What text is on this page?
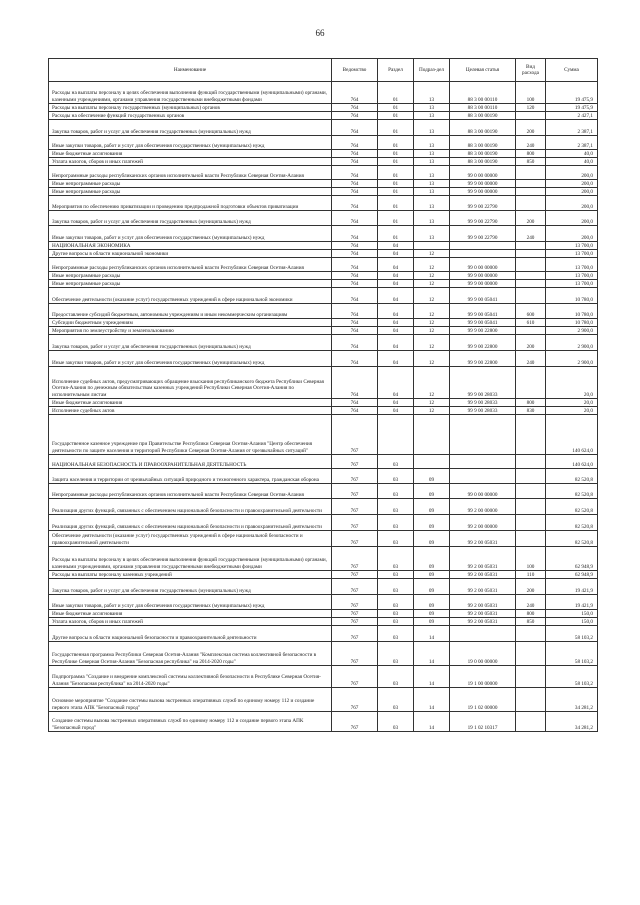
66
Наименование	Ведомство	Раздел	Подраз-дел	Целевая статья	Вид расхода	Сумма
Расходы на выплаты персоналу в целях обеспечения выполнения функций государственными (муниципальными) органами, казенными учреждениями, органами управления государственными внебюджетными фондами	764	01	13	88 3 00 00110	100	19 475,9
Расходы на выплаты персоналу государственных (муниципальных) органов	764	01	13	88 3 00 00110	120	19 475,9
Расходы на обеспечение функций государственных органов	764	01	13	88 3 00 00190		2 427,1
Закупка товаров, работ и услуг для обеспечения государственных (муниципальных) нужд	764	01	13	88 3 00 00190	200	2 387,1
Иные закупки товаров, работ и услуг для обеспечения государственных (муниципальных) нужд	764	01	13	88 3 00 00190	240	2 387,1
Иные бюджетные ассигнования	764	01	13	88 3 00 00190	800	40,0
Уплата налогов, сборов и иных платежей	764	01	13	88 3 00 00190	850	40,0
Непрограммные расходы республиканских органов исполнительной власти Республики Северная Осетия-Алания	764	01	13	99 0 00 00000		200,0
Иные непрограммные расходы	764	01	13	99 9 00 00000		200,0
Иные непрограммные расходы	764	01	13	99 9 00 00000		200,0
Мероприятия по обеспечению приватизации и проведению предпродажной подготовки объектов приватизации	764	01	13	99 9 00 22790		200,0
Закупка товаров, работ и услуг для обеспечения государственных (муниципальных) нужд	764	01	13	99 9 00 22790	200	200,0
Иные закупки товаров, работ и услуг для обеспечения государственных (муниципальных) нужд	764	01	13	99 9 00 22790	240	200,0
НАЦИОНАЛЬНАЯ ЭКОНОМИКА	764	04				13 700,0
Другие вопросы в области национальной экономики	764	04	12			13 700,0
Непрограммные расходы республиканских органов исполнительной власти Республики Северная Осетия-Алания	764	04	12	99 0 00 00000		13 700,0
Иные непрограммные расходы	764	04	12	99 9 00 00000		13 700,0
Иные непрограммные расходы	764	04	12	99 9 00 00000		13 700,0
Обеспечение деятельности (оказание услуг) государственных учреждений в сфере национальной экономики	764	04	12	99 9 00 05041		10 780,0
Предоставление субсидий бюджетным, автономным учреждениям и иным некоммерческим организациям	764	04	12	99 9 00 05041	600	10 780,0
Субсидии бюджетным учреждениям	764	04	12	99 9 00 05041	610	10 780,0
Мероприятия по землеустройству и землепользованию	764	04	12	99 9 00 22800		2 900,0
Закупка товаров, работ и услуг для обеспечения государственных (муниципальных) нужд	764	04	12	99 9 00 22800	200	2 900,0
Иные закупки товаров, работ и услуг для обеспечения государственных (муниципальных) нужд	764	04	12	99 9 00 22800	240	2 900,0
Исполнение судебных актов, предусматривающих обращение взыскания республиканского бюджета Республики Северная Осетия-Алания по денежным обязательствам казенных учреждений Республики Северная Осетия-Алания по исполнительным листам	764	04	12	99 9 00 28033		20,0
Иные бюджетные ассигнования	764	04	12	99 9 00 28033	800	20,0
Исполнение судебных актов	764	04	12	99 9 00 28033	830	20,0
Государственное казенное учреждение при Правительстве Республики Северная Осетия-Алания "Центр обеспечения деятельности по защите населения и территорий Республики Северная Осетия-Алания от чрезвычайных ситуаций"	767					140 624,0
НАЦИОНАЛЬНАЯ БЕЗОПАСНОСТЬ И ПРАВООХРАНИТЕЛЬНАЯ ДЕЯТЕЛЬНОСТЬ	767	03				140 624,0
Защита населения и территории от чрезвычайных ситуаций природного и техногенного характера, гражданская оборона	767	03	09			82 520,8
Непрограммные расходы республиканских органов исполнительной власти Республики Северная Осетия-Алания	767	03	09	99 0 00 00000		82 520,8
Реализация других функций, связанных с обеспечением национальной безопасности и правоохранительной деятельности	767	03	09	99 2 00 00000		82 520,8
Реализация других функций, связанных с обеспечением национальной безопасности и правоохранительной деятельности	767	03	09	99 2 00 00000		82 520,8
Обеспечение деятельности (оказание услуг) государственных учреждений в сфере национальной безопасности и правоохранительной деятельности	767	03	09	99 2 00 05031		82 520,8
Расходы на выплаты персоналу в целях обеспечения выполнения функций государственными (муниципальными) органами, казенными учреждениями, органами управления государственными внебюджетными фондами	767	03	09	99 2 00 05031	100	62 948,9
Расходы на выплаты персоналу казенных учреждений	767	03	09	99 2 00 05031	110	62 948,9
Закупка товаров, работ и услуг для обеспечения государственных (муниципальных) нужд	767	03	09	99 2 00 05031	200	19 421,9
Иные закупки товаров, работ и услуг для обеспечения государственных (муниципальных) нужд	767	03	09	99 2 00 05031	240	19 421,9
Иные бюджетные ассигнования	767	03	09	99 2 00 05031	800	150,0
Уплата налогов, сборов и иных платежей	767	03	09	99 2 00 05031	850	150,0
Другие вопросы в области национальной безопасности и правоохранительной деятельности	767	03	14			58 103,2
Государственная программа Республики Северная Осетия-Алания "Комплексная система коллективной безопасности в Республике Северная Осетия-Алания "Безопасная республика" на 2014-2020 годы"	767	03	14	19 0 00 00000		58 103,2
Подпрограмма "Создание и внедрение комплексной системы коллективной безопасности в Республике Северная Осетия-Алания "Безопасная республика" на 2014-2020 годы"	767	03	14	19 1 00 00000		58 103,2
Основное мероприятие "Создание системы вызова экстренных оперативных служб по единому номеру 112 и создание первого этапа АПК "Безопасный город"	767	03	14	19 1 02 00000		34 281,2
Создание системы вызова экстренных оперативных служб по единому номеру 112 и создание первого этапа АПК "Безопасный город"	767	03	14	19 1 02 10317		34 281,2
